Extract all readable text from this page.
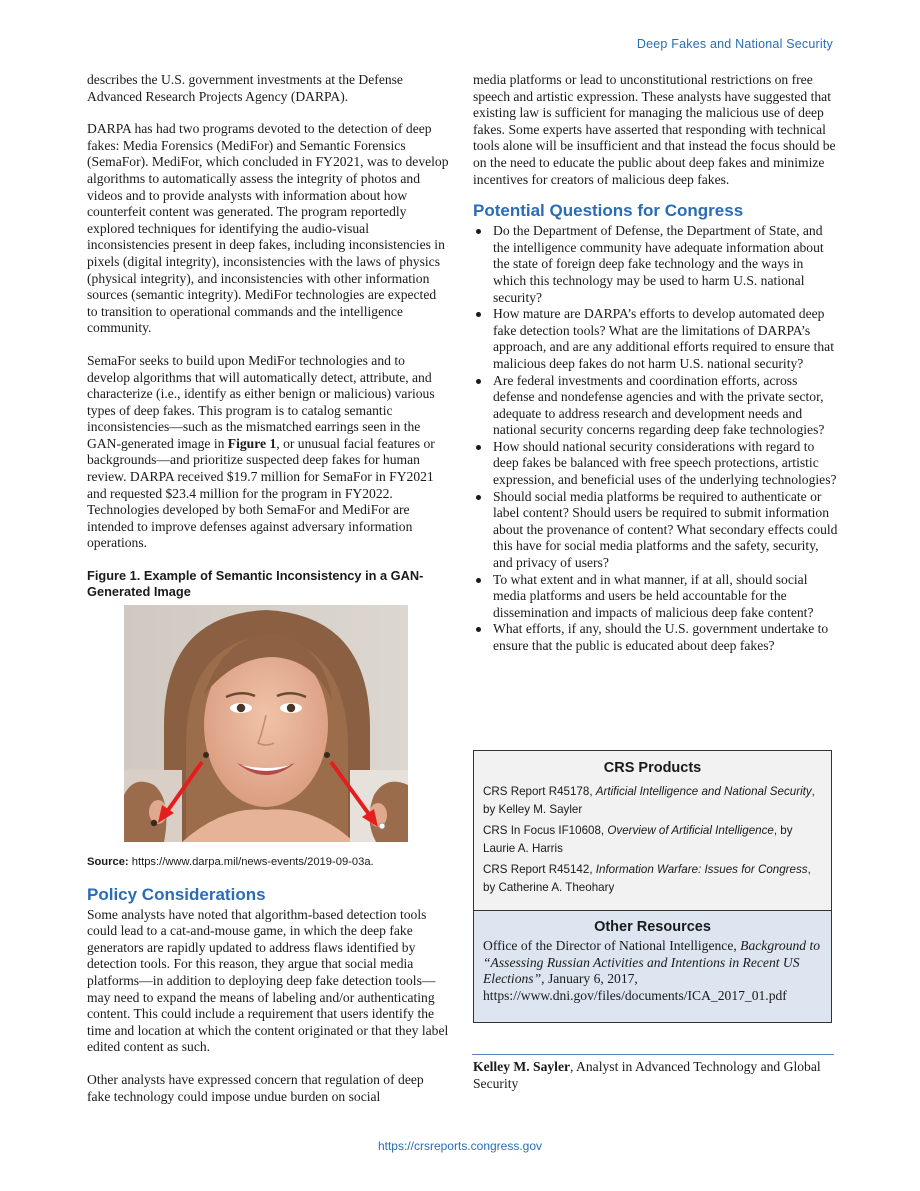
Deep Fakes and National Security

describes the U.S. government investments at the Defense Advanced Research Projects Agency (DARPA).

DARPA has had two programs devoted to the detection of deep fakes: Media Forensics (MediFor) and Semantic Forensics (SemaFor). MediFor, which concluded in FY2021, was to develop algorithms to automatically assess the integrity of photos and videos and to provide analysts with information about how counterfeit content was generated. The program reportedly explored techniques for identifying the audio-visual inconsistencies present in deep fakes, including inconsistencies in pixels (digital integrity), inconsistencies with the laws of physics (physical integrity), and inconsistencies with other information sources (semantic integrity). MediFor technologies are expected to transition to operational commands and the intelligence community.

SemaFor seeks to build upon MediFor technologies and to develop algorithms that will automatically detect, attribute, and characterize (i.e., identify as either benign or malicious) various types of deep fakes. This program is to catalog semantic inconsistencies—such as the mismatched earrings seen in the GAN-generated image in Figure 1, or unusual facial features or backgrounds—and prioritize suspected deep fakes for human review. DARPA received $19.7 million for SemaFor in FY2021 and requested $23.4 million for the program in FY2022. Technologies developed by both SemaFor and MediFor are intended to improve defenses against adversary information operations.

Figure 1. Example of Semantic Inconsistency in a GAN-Generated Image
Source: https://www.darpa.mil/news-events/2019-09-03a.
Policy Considerations

Some analysts have noted that algorithm-based detection tools could lead to a cat-and-mouse game, in which the deep fake generators are rapidly updated to address flaws identified by detection tools. For this reason, they argue that social media platforms—in addition to deploying deep fake detection tools—may need to expand the means of labeling and/or authenticating content. This could include a requirement that users identify the time and location at which the content originated or that they label edited content as such.

Other analysts have expressed concern that regulation of deep fake technology could impose undue burden on social

media platforms or lead to unconstitutional restrictions on free speech and artistic expression. These analysts have suggested that existing law is sufficient for managing the malicious use of deep fakes. Some experts have asserted that responding with technical tools alone will be insufficient and that instead the focus should be on the need to educate the public about deep fakes and minimize incentives for creators of malicious deep fakes.

Potential Questions for Congress
Do the Department of Defense, the Department of State, and the intelligence community have adequate information about the state of foreign deep fake technology and the ways in which this technology may be used to harm U.S. national security?
How mature are DARPA’s efforts to develop automated deep fake detection tools? What are the limitations of DARPA’s approach, and are any additional efforts required to ensure that malicious deep fakes do not harm U.S. national security?
Are federal investments and coordination efforts, across defense and nondefense agencies and with the private sector, adequate to address research and development needs and national security concerns regarding deep fake technologies?
How should national security considerations with regard to deep fakes be balanced with free speech protections, artistic expression, and beneficial uses of the underlying technologies?
Should social media platforms be required to authenticate or label content? Should users be required to submit information about the provenance of content? What secondary effects could this have for social media platforms and the safety, security, and privacy of users?
To what extent and in what manner, if at all, should social media platforms and users be held accountable for the dissemination and impacts of malicious deep fake content?
What efforts, if any, should the U.S. government undertake to ensure that the public is educated about deep fakes?
CRS Products
CRS Report R45178, Artificial Intelligence and National Security, by Kelley M. Sayler
CRS In Focus IF10608, Overview of Artificial Intelligence, by Laurie A. Harris
CRS Report R45142, Information Warfare: Issues for Congress, by Catherine A. Theohary
Other Resources
Office of the Director of National Intelligence, Background to “Assessing Russian Activities and Intentions in Recent US Elections”, January 6, 2017, https://www.dni.gov/files/documents/ICA_2017_01.pdf
Kelley M. Sayler, Analyst in Advanced Technology and Global Security
https://crsreports.congress.gov
